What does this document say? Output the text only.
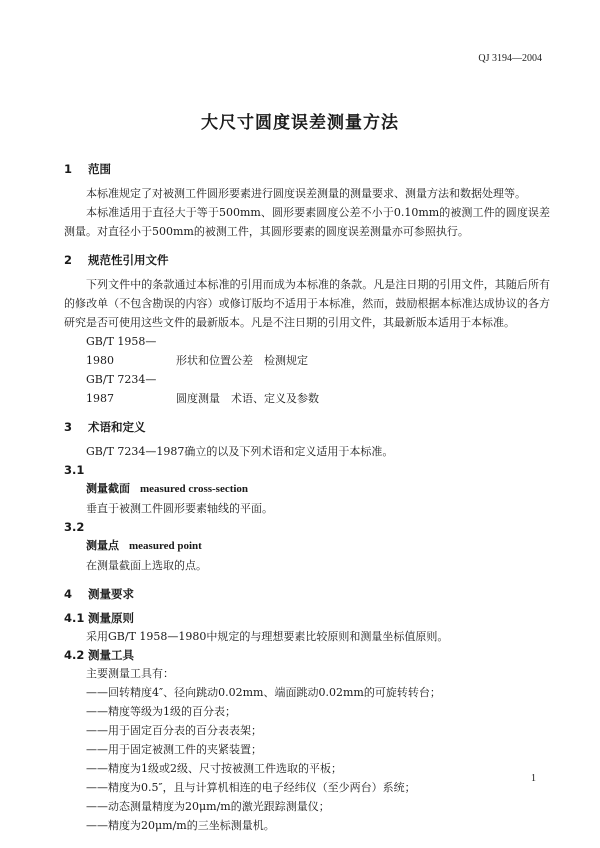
QJ 3194—2004
大尺寸圆度误差测量方法
1 范围

本标准规定了对被测工件圆形要素进行圆度误差测量的测量要求、测量方法和数据处理等。

本标准适用于直径大于等于500mm、圆形要素圆度公差不小于0.10mm的被测工件的圆度误差测量。对直径小于500mm的被测工件，其圆形要素的圆度误差测量亦可参照执行。

2 规范性引用文件

下列文件中的条款通过本标准的引用而成为本标准的条款。凡是注日期的引用文件，其随后所有的修改单（不包含勘误的内容）或修订版均不适用于本标准，然而，鼓励根据本标准达成协议的各方研究是否可使用这些文件的最新版本。凡是不注日期的引用文件，其最新版本适用于本标准。

GB/T 1958—1980	形状和位置公差　检测规定

GB/T 7234—1987	圆度测量　术语、定义及参数

3 术语和定义

GB/T 7234—1987确立的以及下列术语和定义适用于本标准。

3.1

测量截面 measured cross-section

垂直于被测工件圆形要素轴线的平面。

3.2

测量点 measured point

在测量截面上选取的点。

4 测量要求
4.1 测量原则

采用GB/T 1958—1980中规定的与理想要素比较原则和测量坐标值原则。

4.2 测量工具

主要测量工具有：

——回转精度4″、径向跳动0.02mm、端面跳动0.02mm的可旋转转台；

——精度等级为1级的百分表；

——用于固定百分表的百分表表架；

——用于固定被测工件的夹紧装置；

——精度为1级或2级、尺寸按被测工件选取的平板；

——精度为0.5″，且与计算机相连的电子经纬仪（至少两台）系统；

——动态测量精度为20μm/m的激光跟踪测量仪；

——精度为20μm/m的三坐标测量机。

1
